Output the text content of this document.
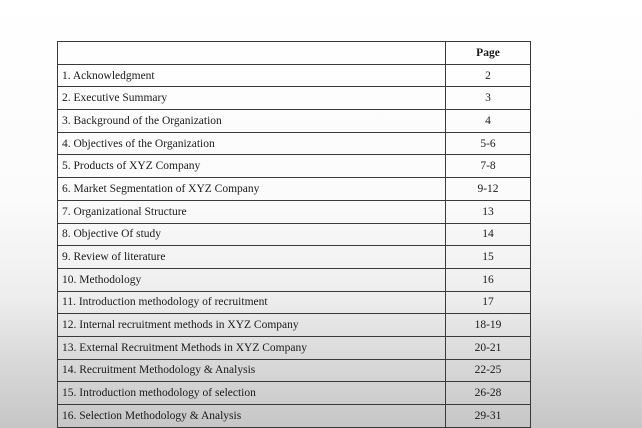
	Page
1. Acknowledgment	2
2. Executive Summary	3
3. Background of the Organization	4
4. Objectives of the Organization	5-6
5. Products of XYZ Company	7-8
6. Market Segmentation of XYZ Company	9-12
7. Organizational Structure	13
8. Objective Of study	14
9. Review of literature	15
10. Methodology	16
11. Introduction methodology of recruitment	17
12. Internal recruitment methods in XYZ Company	18-19
13. External Recruitment Methods in XYZ Company	20-21
14. Recruitment Methodology & Analysis	22-25
15. Introduction methodology of selection	26-28
16. Selection Methodology & Analysis	29-31
